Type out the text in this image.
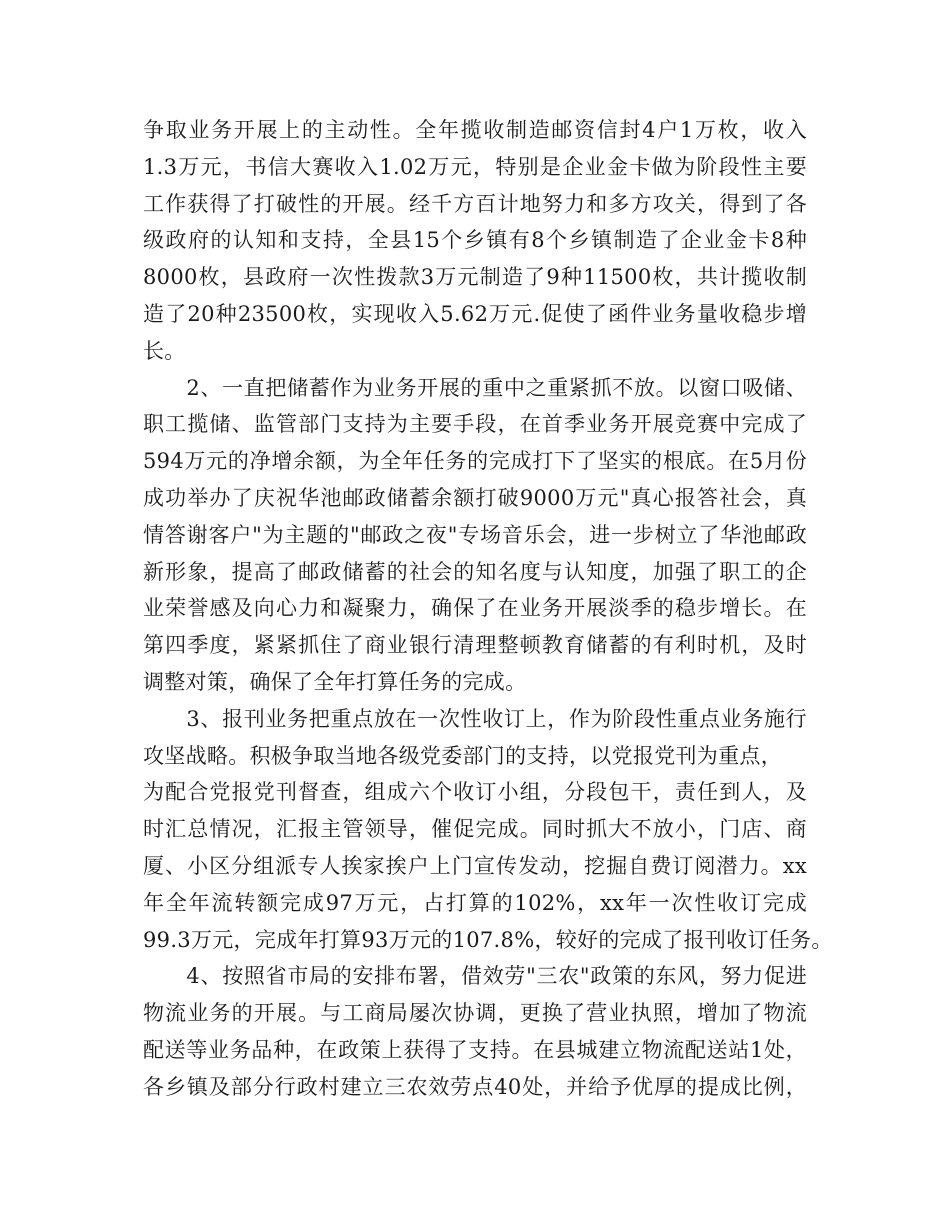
争取业务开展上的主动性。全年揽收制造邮资信封4户1万枚，收入
1.3万元，书信大赛收入1.02万元，特别是企业金卡做为阶段性主要
工作获得了打破性的开展。经千方百计地努力和多方攻关，得到了各
级政府的认知和支持，全县15个乡镇有8个乡镇制造了企业金卡8种
8000枚，县政府一次性拨款3万元制造了9种11500枚，共计揽收制
造了20种23500枚，实现收入5.62万元.促使了函件业务量收稳步增
长。
　　2、一直把储蓄作为业务开展的重中之重紧抓不放。以窗口吸储、
职工揽储、监管部门支持为主要手段，在首季业务开展竞赛中完成了
594万元的净增余额，为全年任务的完成打下了坚实的根底。在5月份
成功举办了庆祝华池邮政储蓄余额打破9000万元"真心报答社会，真
情答谢客户"为主题的"邮政之夜"专场音乐会，进一步树立了华池邮政
新形象，提高了邮政储蓄的社会的知名度与认知度，加强了职工的企
业荣誉感及向心力和凝聚力，确保了在业务开展淡季的稳步增长。在
第四季度，紧紧抓住了商业银行清理整顿教育储蓄的有利时机，及时
调整对策，确保了全年打算任务的完成。
　　3、报刊业务把重点放在一次性收订上，作为阶段性重点业务施行
攻坚战略。积极争取当地各级党委部门的支持，以党报党刊为重点，
为配合党报党刊督查，组成六个收订小组，分段包干，责任到人，及
时汇总情况，汇报主管领导，催促完成。同时抓大不放小，门店、商
厦、小区分组派专人挨家挨户上门宣传发动，挖掘自费订阅潜力。xx
年全年流转额完成97万元，占打算的102%，xx年一次性收订完成
99.3万元，完成年打算93万元的107.8%，较好的完成了报刊收订任务。
　　4、按照省市局的安排布署，借效劳"三农"政策的东风，努力促进
物流业务的开展。与工商局屡次协调，更换了营业执照，增加了物流
配送等业务品种，在政策上获得了支持。在县城建立物流配送站1处，
各乡镇及部分行政村建立三农效劳点40处，并给予优厚的提成比例，
